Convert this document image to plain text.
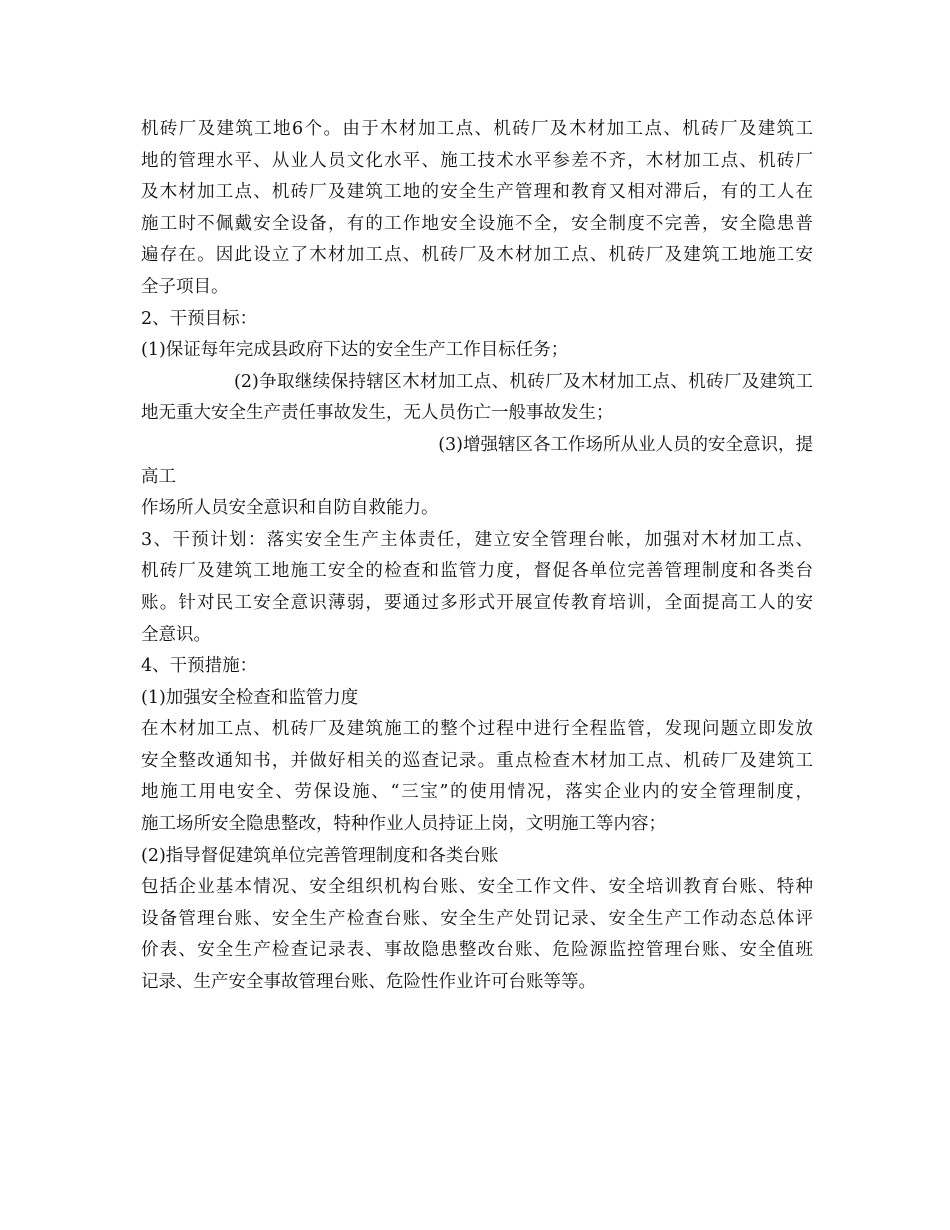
机砖厂及建筑工地6个。由于木材加工点、机砖厂及木材加工点、机砖厂及建筑工
地的管理水平、从业人员文化水平、施工技术水平参差不齐，木材加工点、机砖厂
及木材加工点、机砖厂及建筑工地的安全生产管理和教育又相对滞后，有的工人在
施工时不佩戴安全设备，有的工作地安全设施不全，安全制度不完善，安全隐患普
遍存在。因此设立了木材加工点、机砖厂及木材加工点、机砖厂及建筑工地施工安
全子项目。
2、干预目标：
(1)保证每年完成县政府下达的安全生产工作目标任务；
(2)争取继续保持辖区木材加工点、机砖厂及木材加工点、机砖厂及建筑工
地无重大安全生产责任事故发生，无人员伤亡一般事故发生；
(3)增强辖区各工作场所从业人员的安全意识，提
高工
作场所人员安全意识和自防自救能力。
3、干预计划：落实安全生产主体责任，建立安全管理台帐，加强对木材加工点、
机砖厂及建筑工地施工安全的检查和监管力度，督促各单位完善管理制度和各类台
账。针对民工安全意识薄弱，要通过多形式开展宣传教育培训，全面提高工人的安
全意识。
4、干预措施：
(1)加强安全检查和监管力度
在木材加工点、机砖厂及建筑施工的整个过程中进行全程监管，发现问题立即发放
安全整改通知书，并做好相关的巡查记录。重点检查木材加工点、机砖厂及建筑工
地施工用电安全、劳保设施、“三宝”的使用情况，落实企业内的安全管理制度，
施工场所安全隐患整改，特种作业人员持证上岗，文明施工等内容；
(2)指导督促建筑单位完善管理制度和各类台账
包括企业基本情况、安全组织机构台账、安全工作文件、安全培训教育台账、特种
设备管理台账、安全生产检查台账、安全生产处罚记录、安全生产工作动态总体评
价表、安全生产检查记录表、事故隐患整改台账、危险源监控管理台账、安全值班
记录、生产安全事故管理台账、危险性作业许可台账等等。
